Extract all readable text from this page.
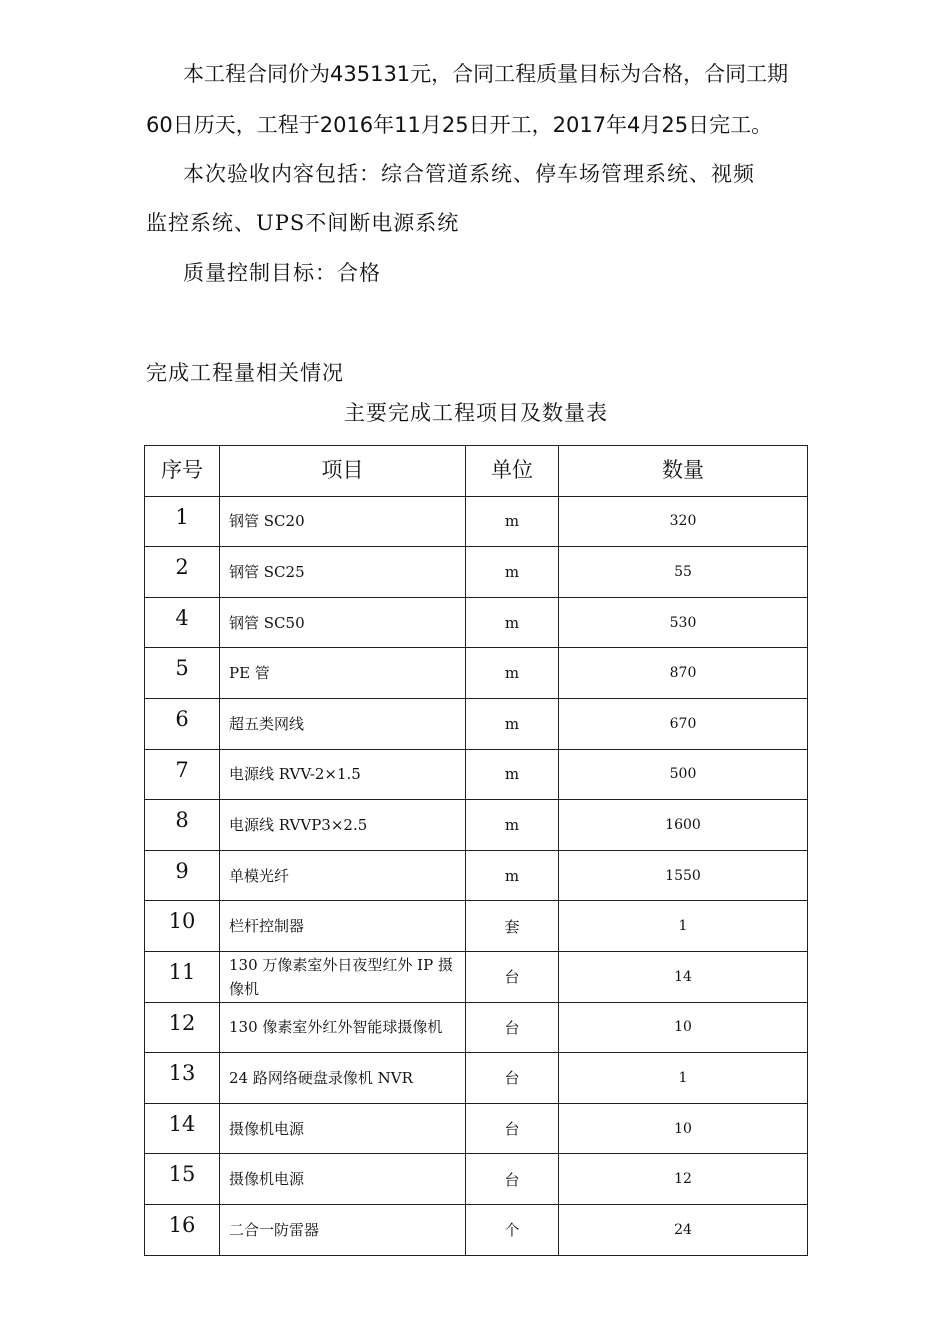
本工程合同价为435131元，合同工程质量目标为合格，合同工期
60日历天，工程于2016年11月25日开工，2017年4月25日完工。
本次验收内容包括：综合管道系统、停车场管理系统、视频
监控系统、UPS不间断电源系统
质量控制目标：合格
完成工程量相关情况
主要完成工程项目及数量表
序号	项目	单位	数量
1	钢管 SC20	m	320
2	钢管 SC25	m	55
4	钢管 SC50	m	530
5	PE 管	m	870
6	超五类网线	m	670
7	电源线 RVV-2×1.5	m	500
8	电源线 RVVP3×2.5	m	1600
9	单模光纤	m	1550
10	栏杆控制器	套	1
11	130 万像素室外日夜型红外 IP 摄像机	台	14
12	130 像素室外红外智能球摄像机	台	10
13	24 路网络硬盘录像机 NVR	台	1
14	摄像机电源	台	10
15	摄像机电源	台	12
16	二合一防雷器	个	24
